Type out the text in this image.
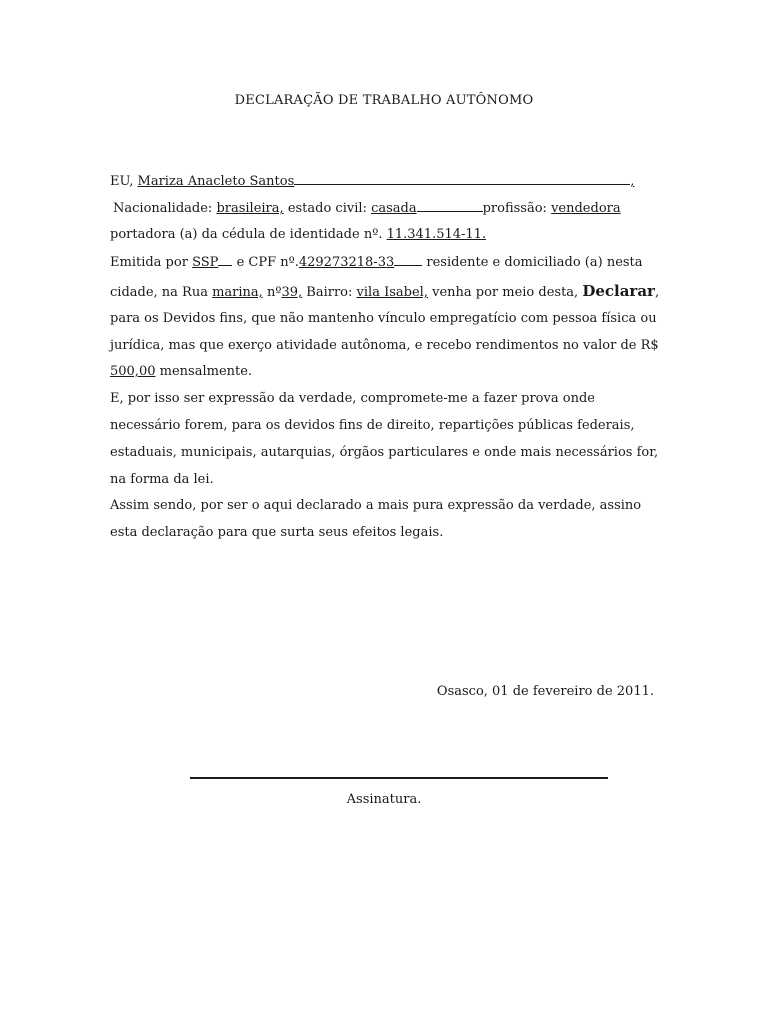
DECLARAÇÃO DE TRABALHO AUTÔNOMO
EU, Mariza Anacleto Santos	,
Nacionalidade: brasileira, estado civil: casada	profissão: vendedora
portadora (a) da cédula de identidade nº. 11.341.514-11.
Emitida por SSP e CPF nº.429273218-33 residente e domiciliado (a) nesta
cidade, na Rua marina, nº39, Bairro: vila Isabel, venha por meio desta, Declarar,
para os Devidos fins, que não mantenho vínculo empregatício com pessoa física ou
jurídica, mas que exerço atividade autônoma, e recebo rendimentos no valor de R$
500,00 mensalmente.
E, por isso ser expressão da verdade, compromete-me a fazer prova onde
necessário forem, para os devidos fins de direito, repartições públicas federais,
estaduais, municipais, autarquias, órgãos particulares e onde mais necessários for,
na forma da lei.
Assim sendo, por ser o aqui declarado a mais pura expressão da verdade, assino
esta declaração para que surta seus efeitos legais.
Osasco, 01 de fevereiro de 2011.
Assinatura.
